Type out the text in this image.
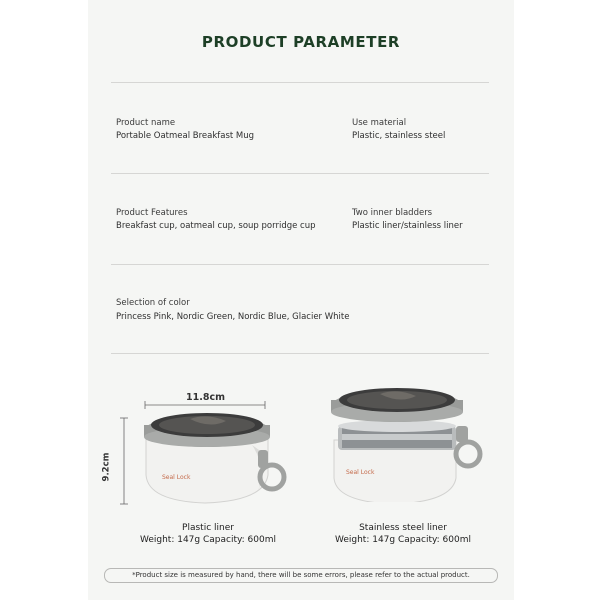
PRODUCT PARAMETER
Product name
Portable Oatmeal Breakfast Mug
Use material
Plastic, stainless steel
Product Features
Breakfast cup, oatmeal cup, soup porridge cup
Two inner bladders
Plastic liner/stainless liner
Selection of color
Princess Pink, Nordic Green, Nordic Blue, Glacier White
11.8cm
9.2cm	Seal Lock
Seal Lock
Plastic liner
Weight: 147g Capacity: 600ml
Stainless steel liner
Weight: 147g Capacity: 600ml
*Product size is measured by hand, there will be some errors, please refer to the actual product.
